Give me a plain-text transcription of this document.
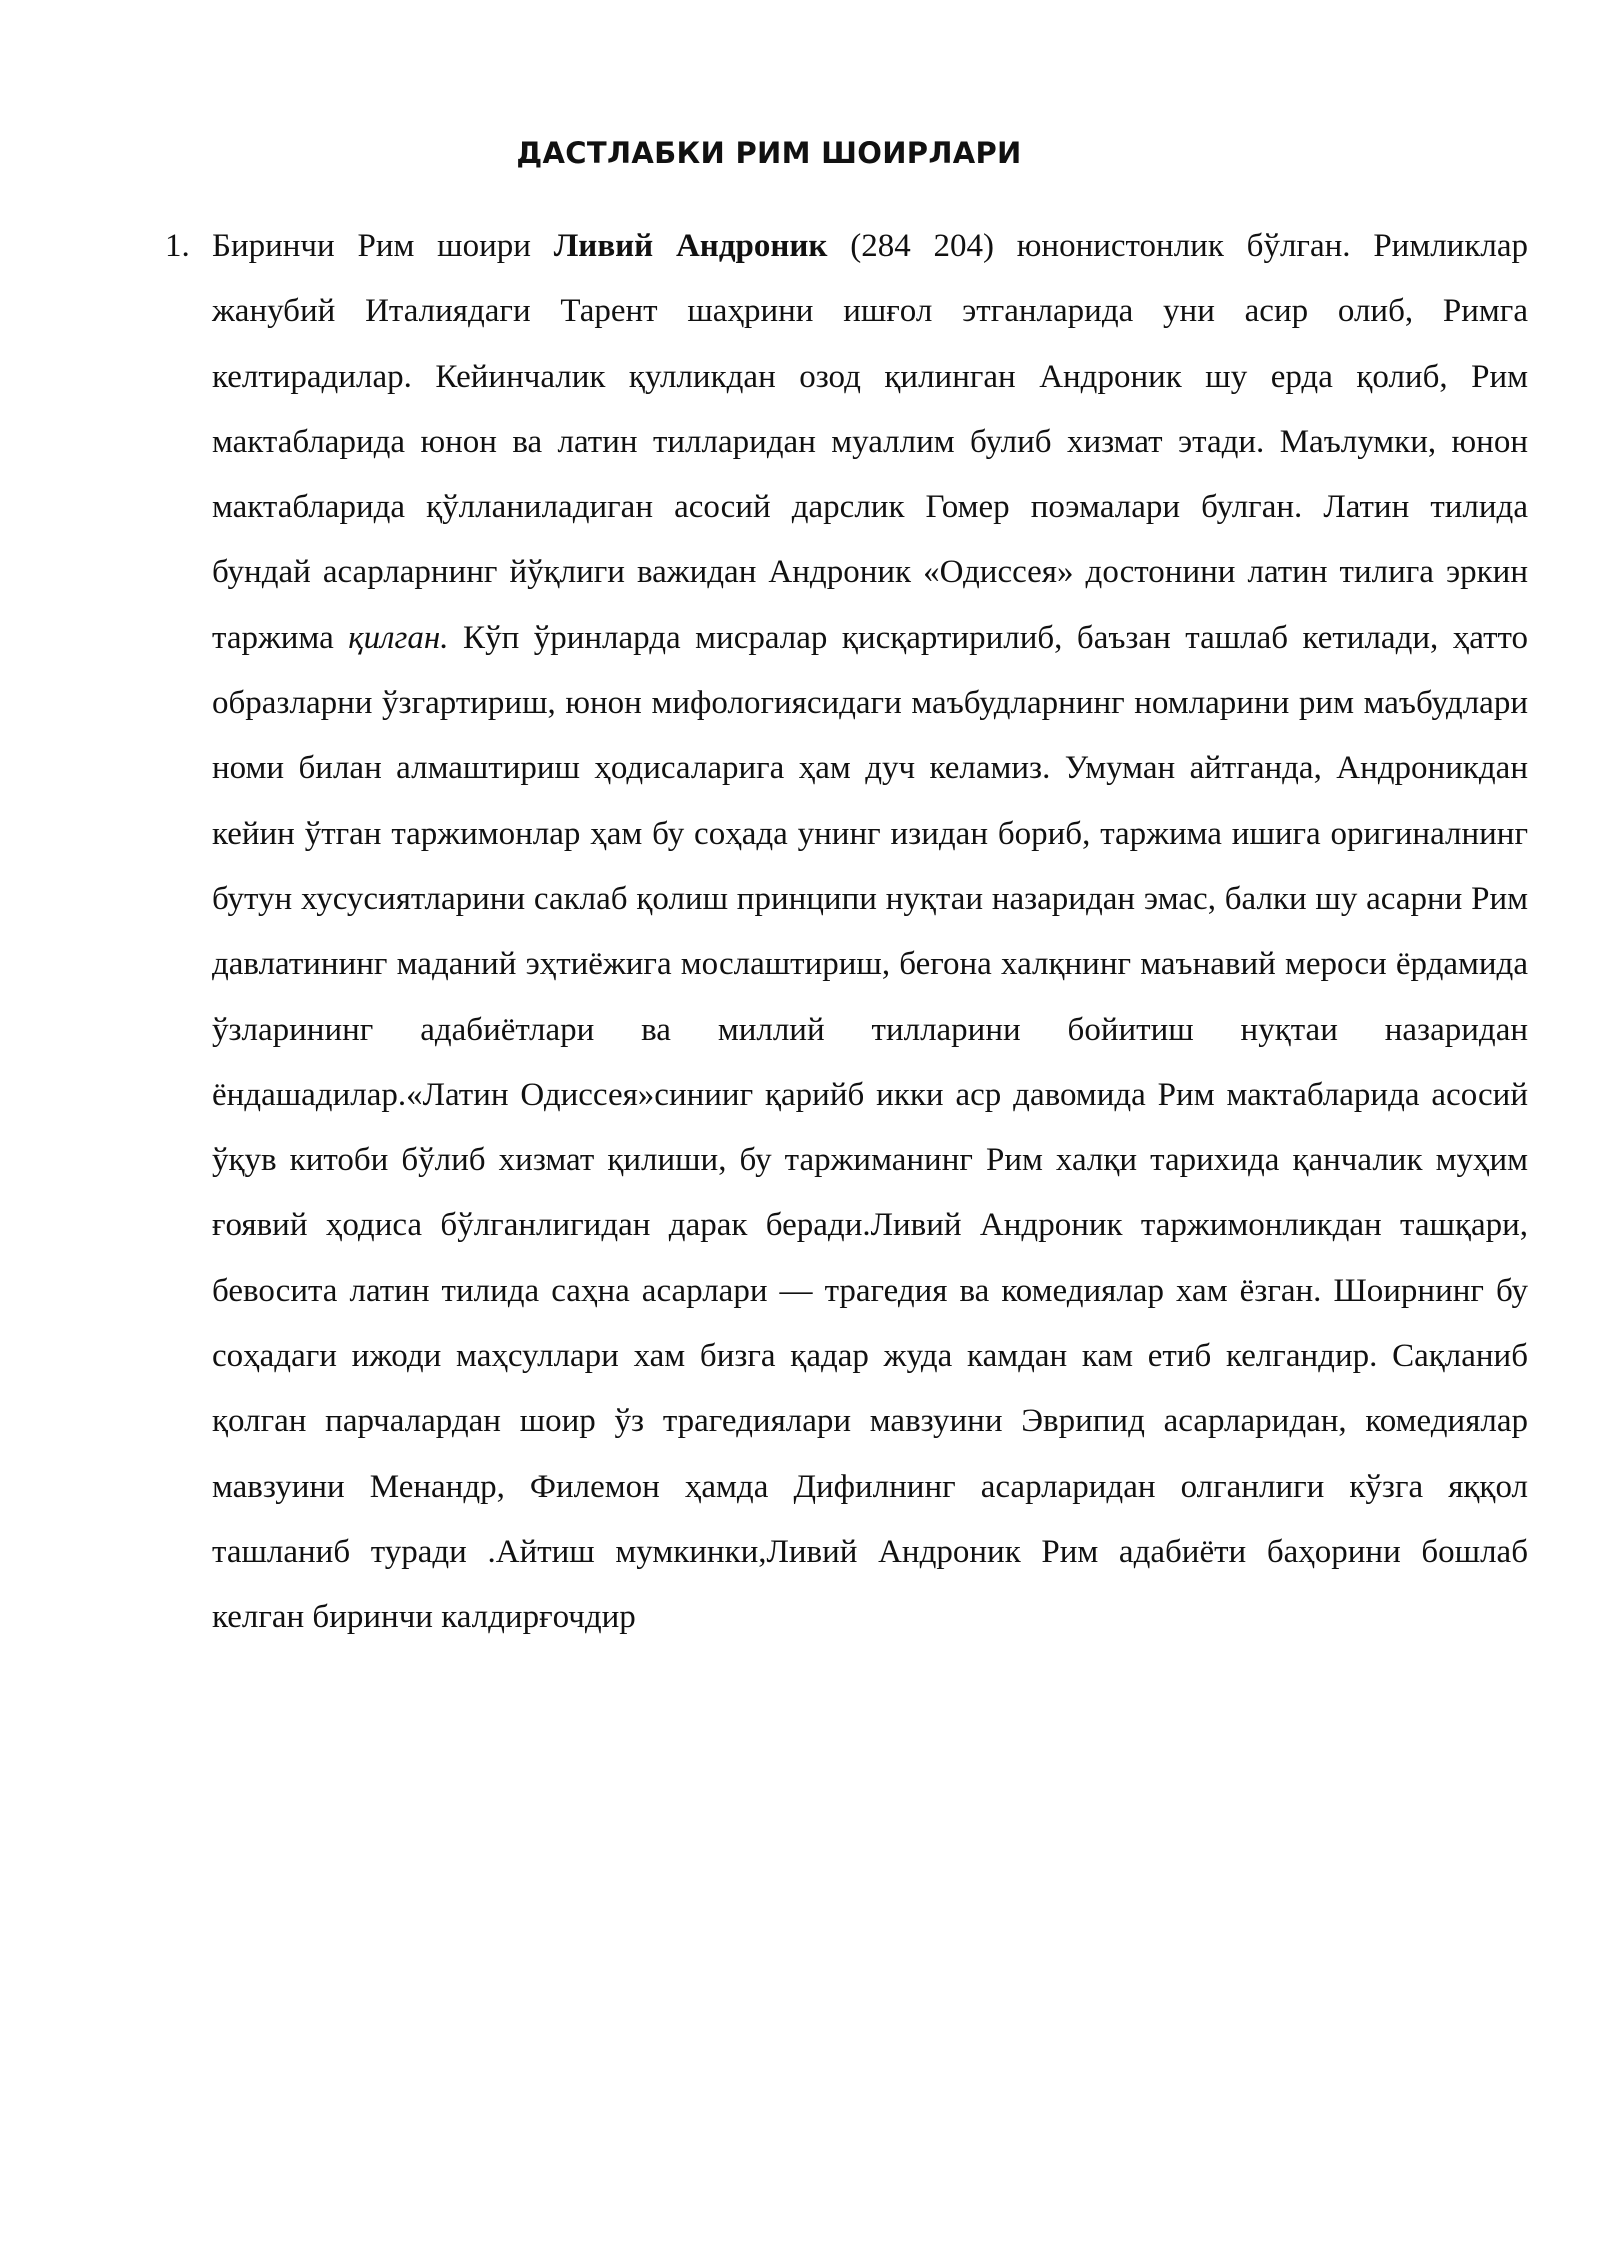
ДАСТЛАБКИ РИМ ШОИРЛАРИ
1. Биринчи Рим шоири Ливий Андроник (284 204) юнонистонлик бўлган. Римликлар жанубий Италиядаги Тарент шаҳрини ишғол этганларида уни асир олиб, Римга келтирадилар. Кейинчалик қулликдан озод қилинган Андроник шу ерда қолиб, Рим мактабларида юнон ва латин тилларидан муаллим булиб хизмат этади. Маълумки, юнон мактабларида қўлланиладиган асосий дарслик Гомер поэмалари булган. Латин тилида бундай асарларнинг йўқлиги важидан Андроник «Одиссея» достонини латин тилига эркин таржима қилган. Кўп ўринларда мисралар қисқартирилиб, баъзан ташлаб кетилади, ҳатто образларни ўзгартириш, юнон мифологиясидаги маъбудларнинг номларини рим маъбудлари номи билан алмаштириш ҳодисаларига ҳам дуч келамиз. Умуман айтганда, Андроникдан кейин ўтган таржимонлар ҳам бу соҳада унинг изидан бориб, таржима ишига оригиналнинг бутун хусусиятларини саклаб қолиш принципи нуқтаи назаридан эмас, балки шу асарни Рим давлатининг маданий эҳтиёжига мослаштириш, бегона халқнинг маънавий мероси ёрдамида ўзларининг адабиётлари ва миллий тилларини бойитиш нуқтаи назаридан ёндашадилар.«Латин Одиссея»синииг қарийб икки аср давомида Рим мактабларида асосий ўқув китоби бўлиб хизмат қилиши, бу таржиманинг Рим халқи тарихида қанчалик муҳим ғоявий ҳодиса бўлганлигидан дарак беради.Ливий Андроник таржимонликдан ташқари, бевосита латин тилида саҳна асарлари — трагедия ва комедиялар хам ёзган. Шоирнинг бу соҳадаги ижоди маҳсуллари хам бизга қадар жуда камдан кам етиб келгандир. Сақланиб қолган парчалардан шоир ўз трагедиялари мавзуини Эврипид асарларидан, комедиялар мавзуини Менандр, Филемон ҳамда Дифилнинг асарларидан олганлиги кўзга яққол ташланиб туради .Айтиш мумкинки,Ливий Андроник Рим адабиёти баҳорини бошлаб келган биринчи калдирғочдир
